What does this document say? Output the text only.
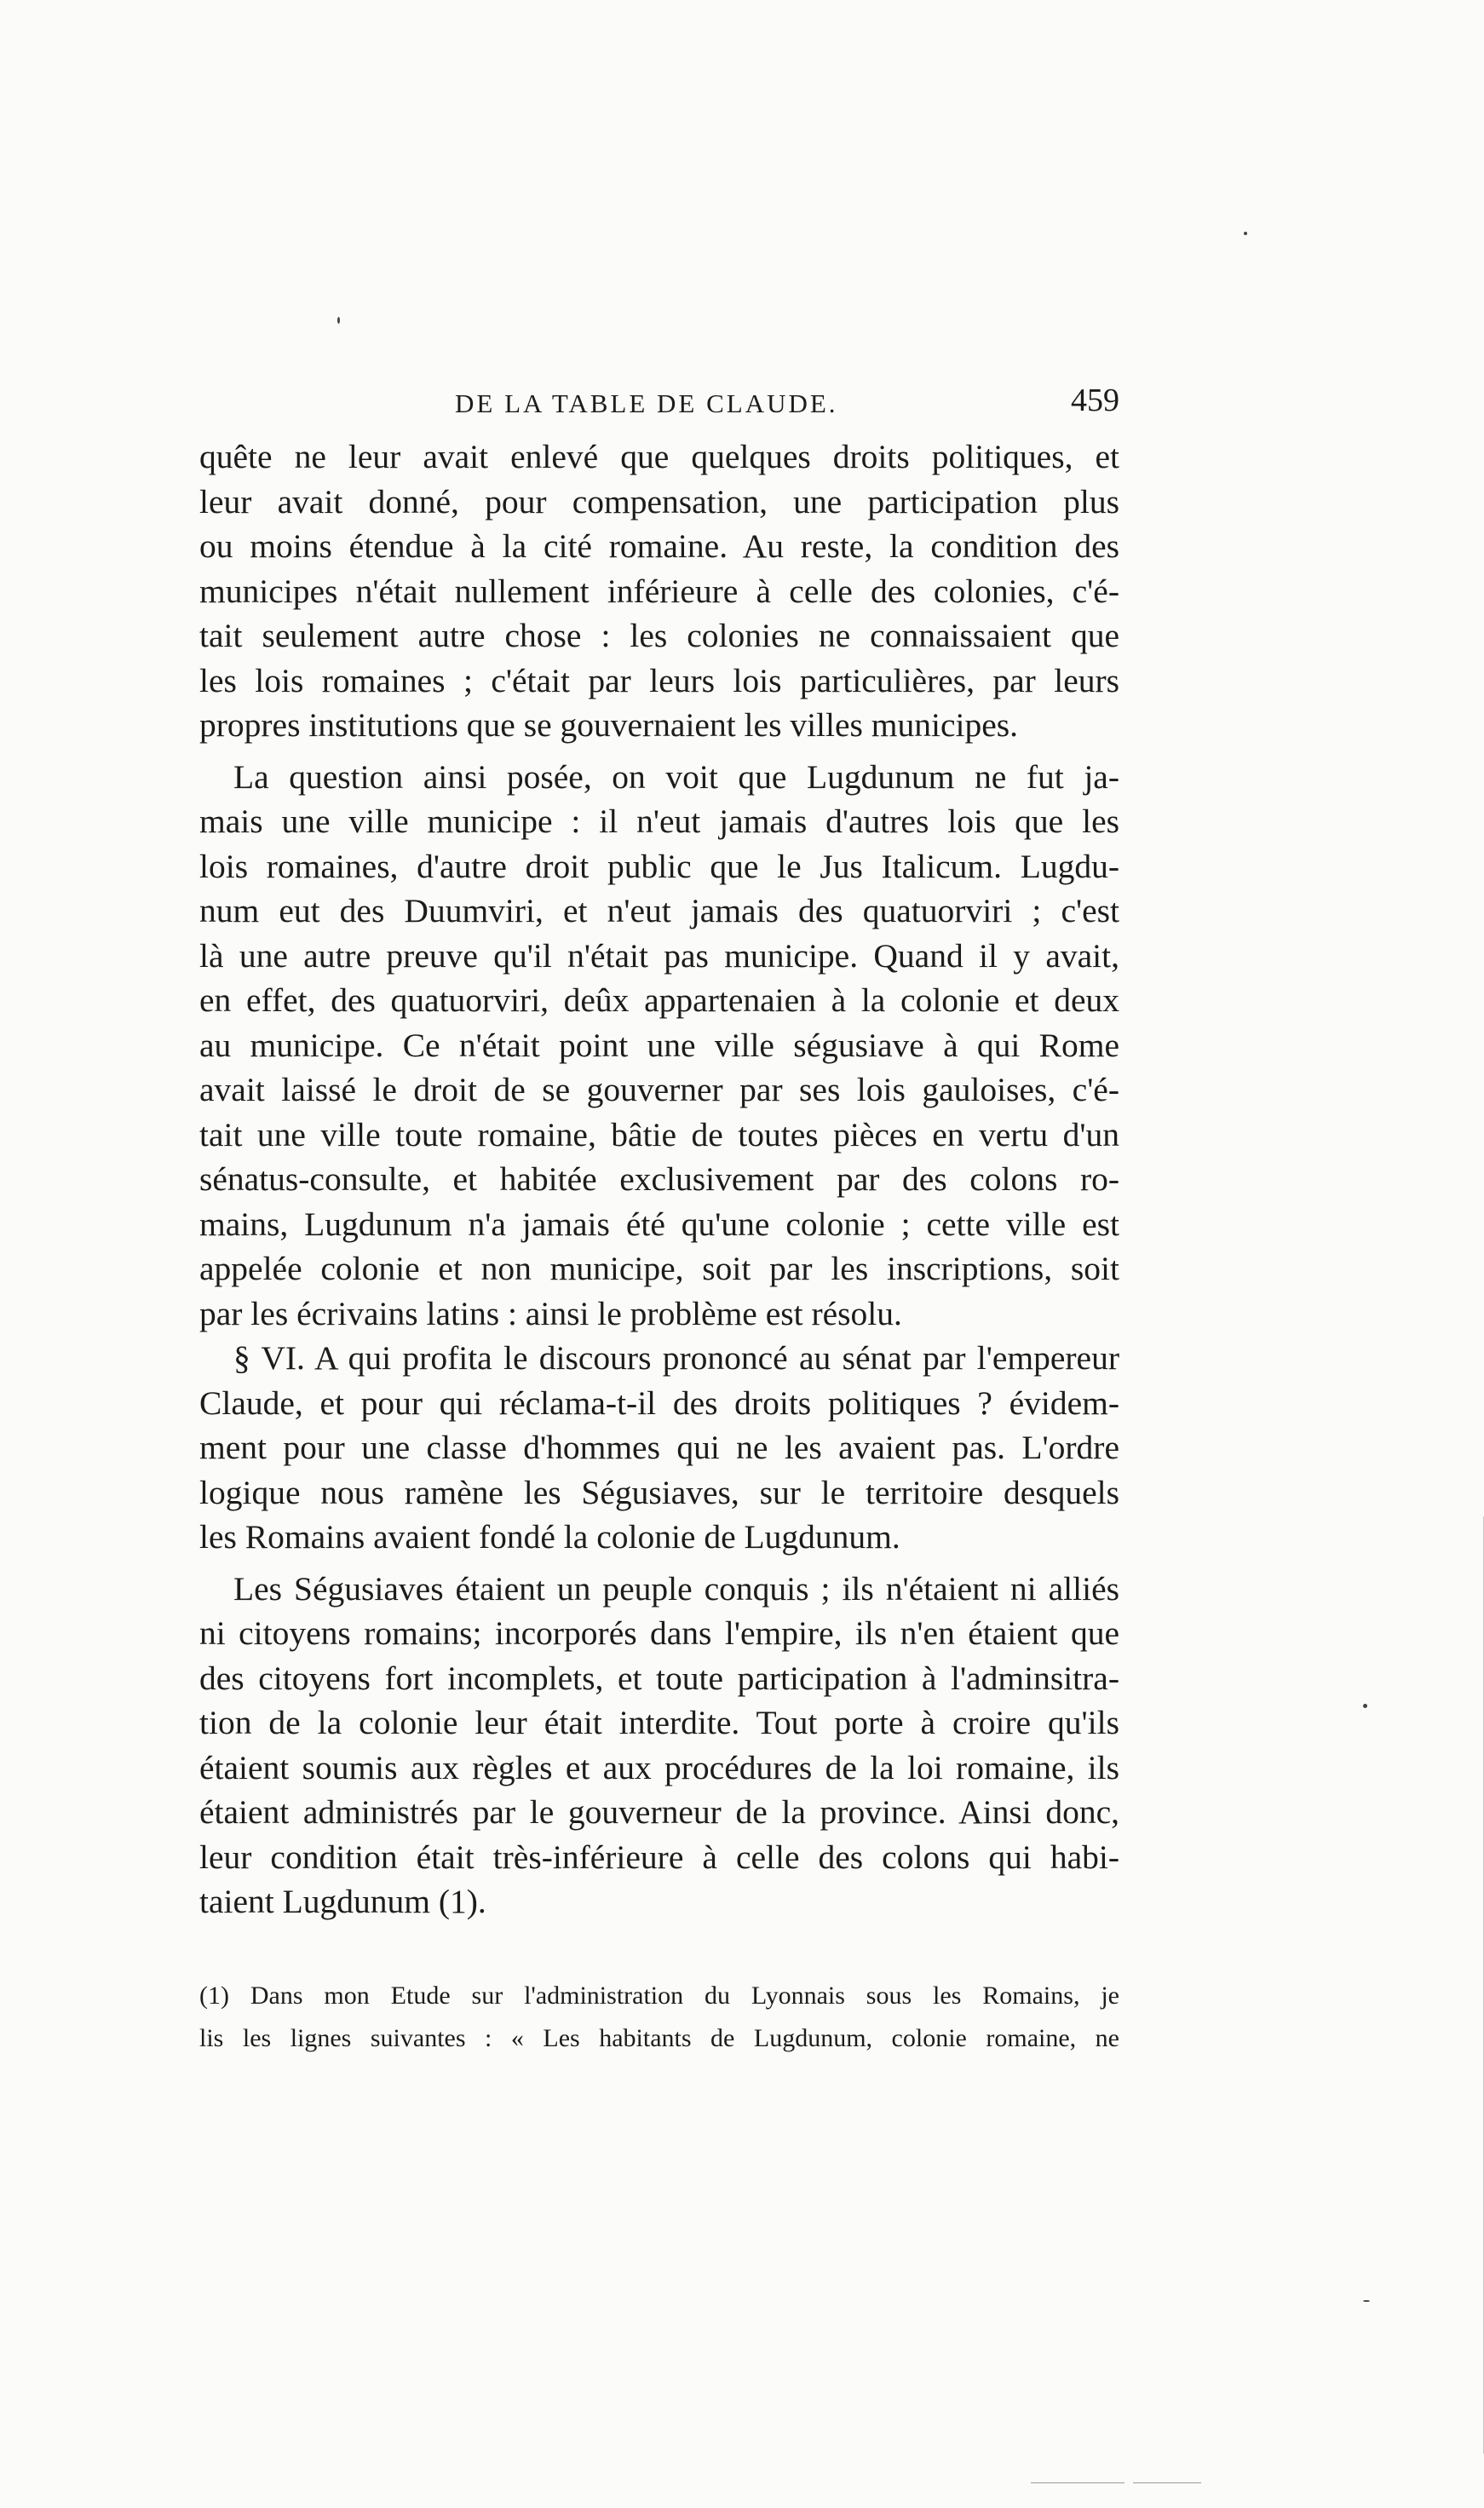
DE LA TABLE DE CLAUDE.	459
quête ne leur avait enlevé que quelques droits politiques, et
leur avait donné, pour compensation, une participation plus
ou moins étendue à la cité romaine. Au reste, la condition des
municipes n'était nullement inférieure à celle des colonies, c'é-
tait seulement autre chose : les colonies ne connaissaient que
les lois romaines ; c'était par leurs lois particulières, par leurs
propres institutions que se gouvernaient les villes municipes.
La question ainsi posée, on voit que Lugdunum ne fut ja-
mais une ville municipe : il n'eut jamais d'autres lois que les
lois romaines, d'autre droit public que le Jus Italicum. Lugdu-
num eut des Duumviri, et n'eut jamais des quatuorviri ; c'est
là une autre preuve qu'il n'était pas municipe. Quand il y avait,
en effet, des quatuorviri, deûx appartenaien à la colonie et deux
au municipe. Ce n'était point une ville ségusiave à qui Rome
avait laissé le droit de se gouverner par ses lois gauloises, c'é-
tait une ville toute romaine, bâtie de toutes pièces en vertu d'un
sénatus-consulte, et habitée exclusivement par des colons ro-
mains, Lugdunum n'a jamais été qu'une colonie ; cette ville est
appelée colonie et non municipe, soit par les inscriptions, soit
par les écrivains latins : ainsi le problème est résolu.
§ VI. A qui profita le discours prononcé au sénat par l'empereur
Claude, et pour qui réclama-t-il des droits politiques ? évidem-
ment pour une classe d'hommes qui ne les avaient pas. L'ordre
logique nous ramène les Ségusiaves, sur le territoire desquels
les Romains avaient fondé la colonie de Lugdunum.
Les Ségusiaves étaient un peuple conquis ; ils n'étaient ni alliés
ni citoyens romains; incorporés dans l'empire, ils n'en étaient que
des citoyens fort incomplets, et toute participation à l'adminsitra-
tion de la colonie leur était interdite. Tout porte à croire qu'ils
étaient soumis aux règles et aux procédures de la loi romaine, ils
étaient administrés par le gouverneur de la province. Ainsi donc,
leur condition était très-inférieure à celle des colons qui habi-
taient Lugdunum (1).
(1) Dans mon Etude sur l'administration du Lyonnais sous les Romains, je
lis les lignes suivantes : « Les habitants de Lugdunum, colonie romaine, ne
